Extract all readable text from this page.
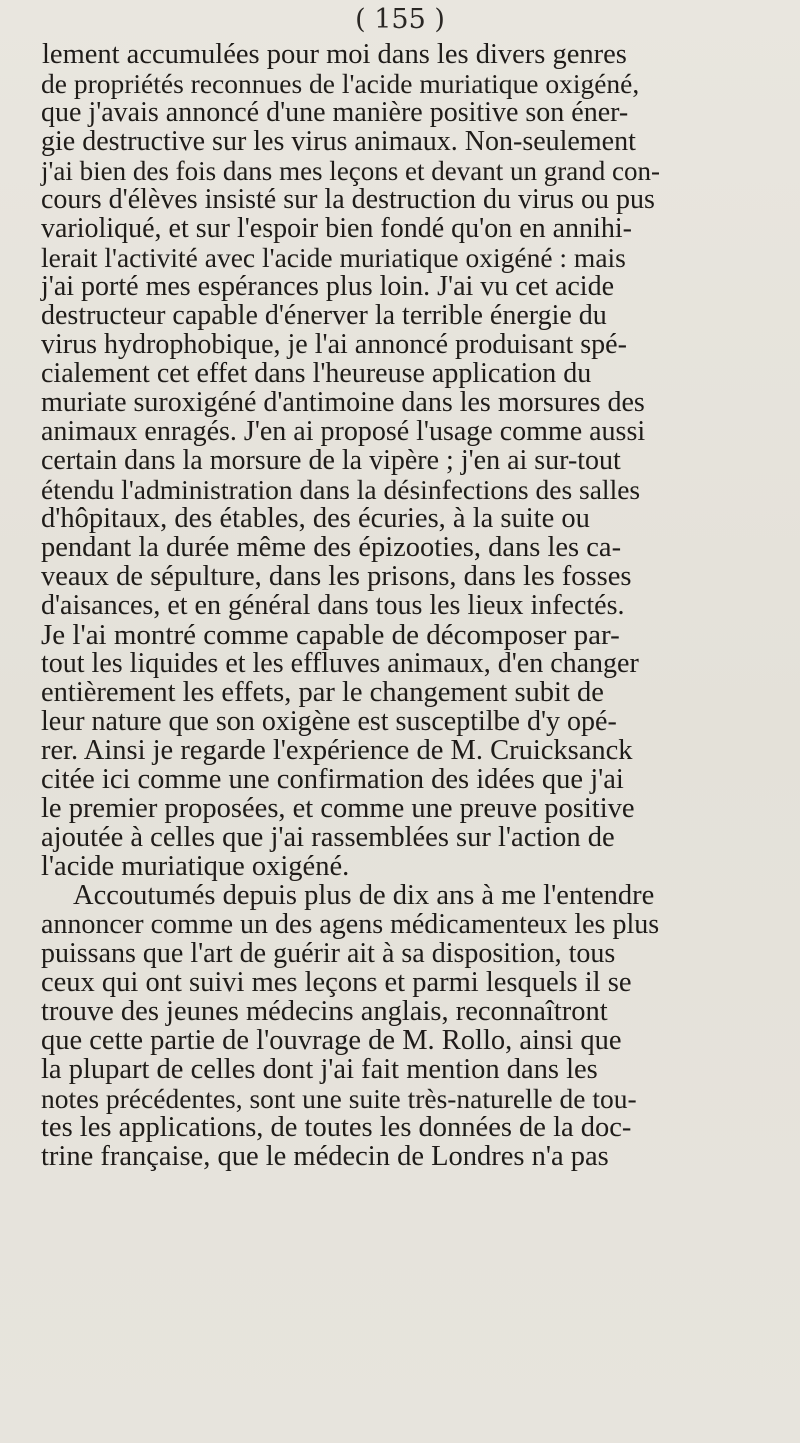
( 155 )
lement accumulées pour moi dans les divers genres
de propriétés reconnues de l'acide muriatique oxigéné,
que j'avais annoncé d'une manière positive son éner-
gie destructive sur les virus animaux. Non-seulement
j'ai bien des fois dans mes leçons et devant un grand con-
cours d'élèves insisté sur la destruction du virus ou pus
varioliqué, et sur l'espoir bien fondé qu'on en annihi-
lerait l'activité avec l'acide muriatique oxigéné : mais
j'ai porté mes espérances plus loin. J'ai vu cet acide
destructeur capable d'énerver la terrible énergie du
virus hydrophobique, je l'ai annoncé produisant spé-
cialement cet effet dans l'heureuse application du
muriate suroxigéné d'antimoine dans les morsures des
animaux enragés. J'en ai proposé l'usage comme aussi
certain dans la morsure de la vipère ; j'en ai sur-tout
étendu l'administration dans la désinfections des salles
d'hôpitaux, des étables, des écuries, à la suite ou
pendant la durée même des épizooties, dans les ca-
veaux de sépulture, dans les prisons, dans les fosses
d'aisances, et en général dans tous les lieux infectés.
Je l'ai montré comme capable de décomposer par-
tout les liquides et les effluves animaux, d'en changer
entièrement les effets, par le changement subit de
leur nature que son oxigène est susceptilbe d'y opé-
rer. Ainsi je regarde l'expérience de M. Cruicksanck
citée ici comme une confirmation des idées que j'ai
le premier proposées, et comme une preuve positive
ajoutée à celles que j'ai rassemblées sur l'action de
l'acide muriatique oxigéné.
Accoutumés depuis plus de dix ans à me l'entendre
annoncer comme un des agens médicamenteux les plus
puissans que l'art de guérir ait à sa disposition, tous
ceux qui ont suivi mes leçons et parmi lesquels il se
trouve des jeunes médecins anglais, reconnaîtront
que cette partie de l'ouvrage de M. Rollo, ainsi que
la plupart de celles dont j'ai fait mention dans les
notes précédentes, sont une suite très-naturelle de tou-
tes les applications, de toutes les données de la doc-
trine française, que le médecin de Londres n'a pas
